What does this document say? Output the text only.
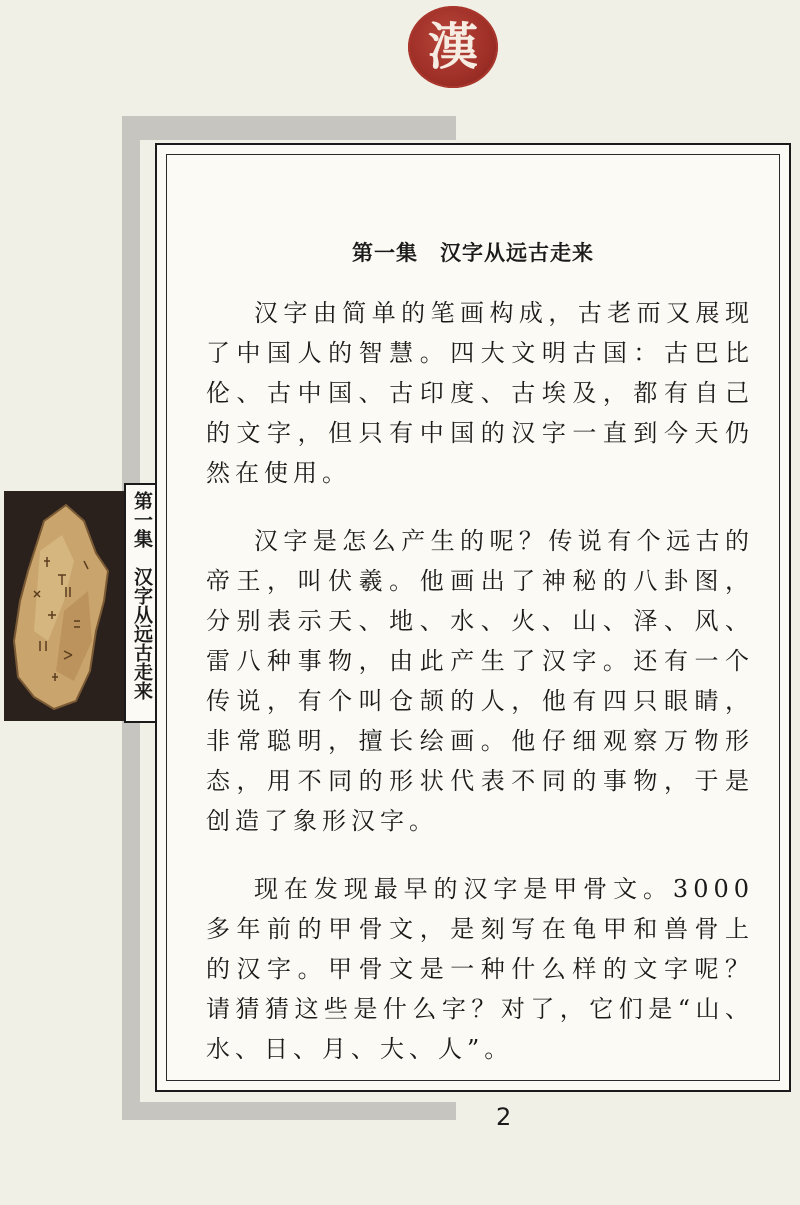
漢
第一集　汉字从远古走来
第一集　汉字从远古走来

汉字由简单的笔画构成，古老而又展现了中国人的智慧。四大文明古国：古巴比伦、古中国、古印度、古埃及，都有自己的文字，但只有中国的汉字一直到今天仍然在使用。

汉字是怎么产生的呢？传说有个远古的帝王，叫伏羲。他画出了神秘的八卦图，分别表示天、地、水、火、山、泽、风、雷八种事物，由此产生了汉字。还有一个传说，有个叫仓颉的人，他有四只眼睛，非常聪明，擅长绘画。他仔细观察万物形态，用不同的形状代表不同的事物，于是创造了象形汉字。

现在发现最早的汉字是甲骨文。3000多年前的甲骨文，是刻写在龟甲和兽骨上的汉字。甲骨文是一种什么样的文字呢？请猜猜这些是什么字？对了，它们是“山、水、日、月、大、人”。

2
